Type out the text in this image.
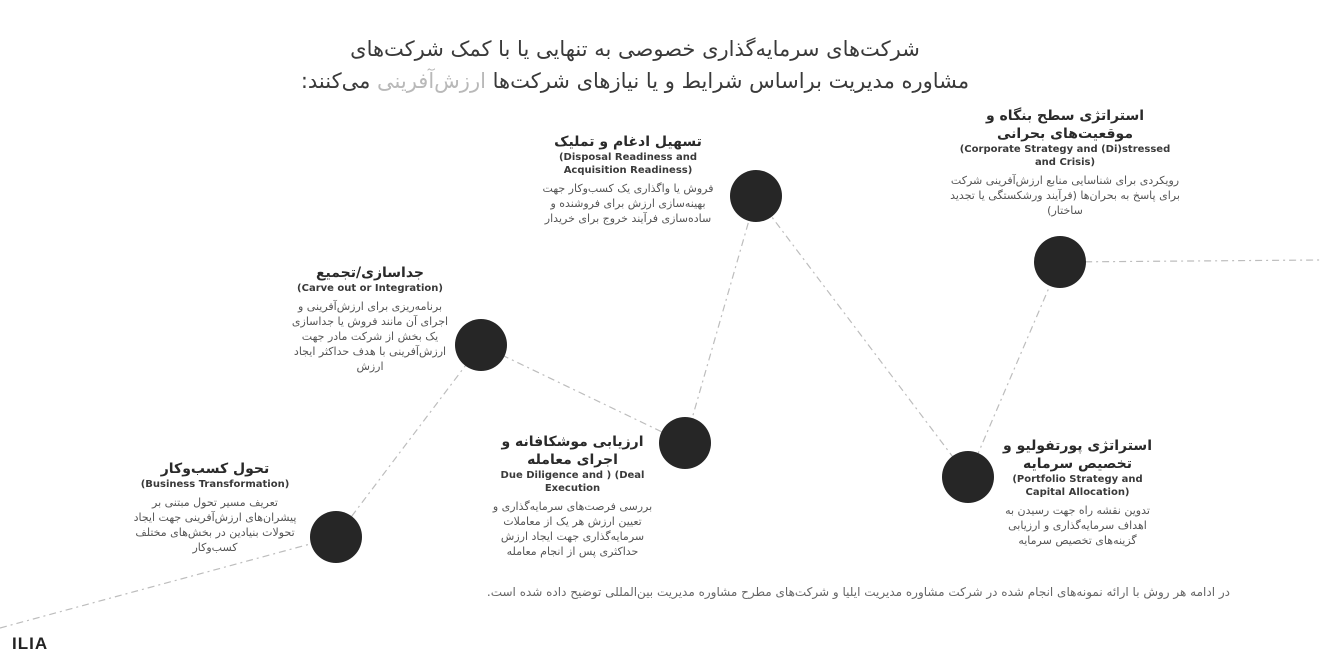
شرکت‌های سرمایه‌گذاری خصوصی به تنهایی یا با کمک شرکت‌های
مشاوره مدیریت براساس شرایط و یا نیازهای شرکت‌ها ارزش‌آفرینی می‌کنند:
تحول کسب‌وکار
(Business Transformation)
تعریف مسیر تحول مبتنی بر پیشران‌های ارزش‌آفرینی جهت ایجاد تحولات بنیادین در بخش‌های مختلف کسب‌وکار
جداسازی/تجمیع
(Carve out or Integration)
برنامه‌ریزی برای ارزش‌آفرینی و اجرای آن مانند فروش یا جداسازی یک بخش از شرکت مادر جهت ارزش‌آفرینی با هدف حداکثر ایجاد ارزش
ارزیابی موشکافانه و اجرای معامله
Due Diligence and ) (Deal Execution
بررسی فرصت‌های سرمایه‌گذاری و تعیین ارزش هر یک از معاملات سرمایه‌گذاری جهت ایجاد ارزش حداکثری پس از انجام معامله
تسهیل ادغام و تملیک
(Disposal Readiness and Acquisition Readiness)
فروش یا واگذاری یک کسب‌وکار جهت بهینه‌سازی ارزش برای فروشنده و ساده‌سازی فرآیند خروج برای خریدار
استراتژی پورتفولیو و تخصیص سرمایه
(Portfolio Strategy and Capital Allocation)
تدوین نقشه راه جهت رسیدن به اهداف سرمایه‌گذاری و ارزیابی گزینه‌های تخصیص سرمایه
استراتژی سطح بنگاه و موقعیت‌های بحرانی
(Corporate Strategy and (Di)stressed and Crisis)
رویکردی برای شناسایی منابع ارزش‌آفرینی شرکت برای پاسخ به بحران‌ها (فرآیند ورشکستگی یا تجدید ساختار)
در ادامه هر روش با ارائه نمونه‌های انجام شده در شرکت مشاوره مدیریت ایلیا و شرکت‌های مطرح مشاوره مدیریت بین‌المللی توضیح داده شده است.
ILIA
